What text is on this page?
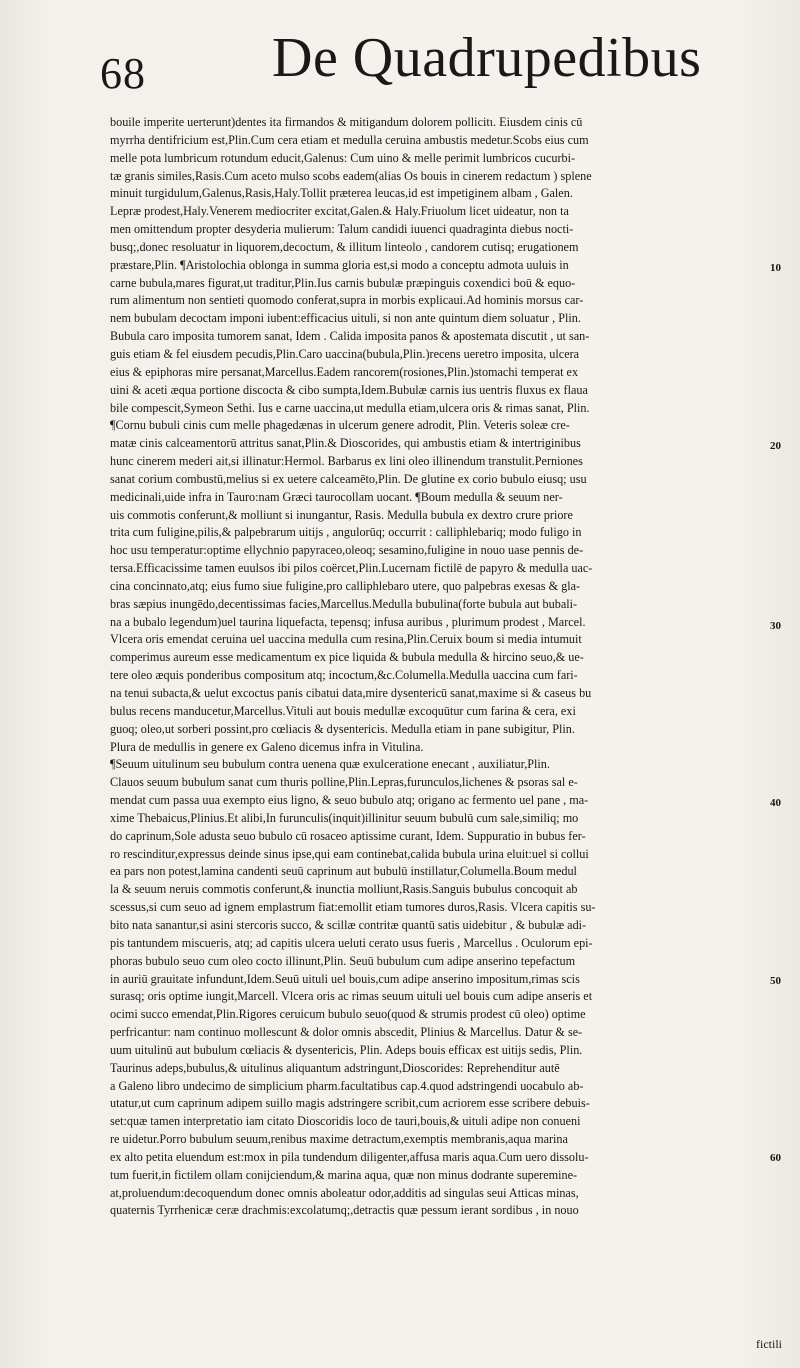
68 De Quadrupedibus
bouile imperite uerterunt)dentes ita firmandos & mitigandum dolorem pollicitι. Eiusdem cinis cū
myrrha dentifricium est,Plin.Cum cera etiam et medulla ceruina ambustis medetur.Scobs eius cum
melle pota lumbricum rotundum educit,Galenus: Cum uino & melle perimit lumbricos cucurbi-
tæ granis similes,Rasis.Cum aceto mulso scobs eadem(alias Os bouis in cinerem redactum ) splene
minuit turgidulum,Galenus,Rasis,Haly.Tollit præterea leucas,id est impetiginem albam , Galen.
Lepræ prodest,Haly.Venerem mediocriter excitat,Galen.& Haly.Friuolum licet uideatur, non ta
men omittendum propter desyderia mulierum: Talum candidi iuuenci quadraginta diebus nocti-
busq;,donec resoluatur in liquorem,decoctum, & illitum linteolo , candorem cutisq; erugationem
præstare,Plin. ¶Aristolochia oblonga in summa gloria est,si modo a conceptu admota uuluis in
carne bubula,mares figurat,ut traditur,Plin.Ius carnis bubulæ præpinguis coxendici boū & equo-
rum alimentum non sentieti quomodo conferat,supra in morbis explicaui.Ad hominis morsus car-
nem bubulam decoctam imponi iubent:efficacius uituli, si non ante quintum diem soluatur , Plin.
Bubula caro imposita tumorem sanat, Idem . Calida imposita panos & apostemata discutit , ut san-
guis etiam & fel eiusdem pecudis,Plin.Caro uaccina(bubula,Plin.)recens ueretro imposita, ulcera
eius & epiphoras mire persanat,Marcellus.Eadem rancorem(rosiones,Plin.)stomachi temperat ex
uini & aceti æqua portione discocta & cibo sumpta,Idem.Bubulæ carnis ius uentris fluxus ex flaua
bile compescit,Symeon Sethi. Ius e carne uaccina,ut medulla etiam,ulcera oris & rimas sanat, Plin.
¶Cornu bubuli cinis cum melle phagedænas in ulcerum genere adrodit, Plin. Veteris soleæ cre-
matæ cinis calceamentorū attritus sanat,Plin.& Dioscorides, qui ambustis etiam & intertriginibus
hunc cinerem mederi ait,si illinatur:Hermol. Barbarus ex lini oleo illinendum transtulit.Perniones
sanat corium combustū,melius si ex uetere calceamēto,Plin. De glutine ex corio bubulo eiusq; usu
medicinali,uide infra in Tauro:nam Græci taurocollam uocant. ¶Boum medulla & seuum ner-
uis commotis conferunt,& molliunt si inungantur, Rasis. Medulla bubula ex dextro crure priore
trita cum fuligine,pilis,& palpebrarum uitijs , angulorūq; occurrit : calliphlebariq; modo fuligo in
hoc usu temperatur:optime ellychnio papyraceo,oleoq; sesamino,fuligine in nouo uase pennis de-
tersa.Efficacissime tamen euulsos ibi pilos coërcet,Plin.Lucernam fictilē de papyro & medulla uac-
cina concinnato,atq; eius fumo siue fuligine,pro calliphlebaro utere, quo palpebras exesas & gla-
bras sæpius inungēdo,decentissimas facies,Marcellus.Medulla bubulina(forte bubula aut bubali-
na a bubalo legendum)uel taurina liquefacta, tepensq; infusa auribus , plurimum prodest , Marcel.
Vlcera oris emendat ceruina uel uaccina medulla cum resina,Plin.Ceruix boum si media intumuit
comperimus aureum esse medicamentum ex pice liquida & bubula medulla & hircino seuo,& ue-
tere oleo æquis ponderibus compositum atq; incoctum,&c.Columella.Medulla uaccina cum fari-
na tenui subacta,& uelut excoctus panis cibatui data,mire dysentericū sanat,maxime si & caseus bu
bulus recens manducetur,Marcellus.Vituli aut bouis medullæ excoquūtur cum farina & cera, exi
guoq; oleo,ut sorberi possint,pro cœliacis & dysentericis. Medulla etiam in pane subigitur, Plin.
Plura de medullis in genere ex Galeno dicemus infra in Vitulina.
¶Seuum uitulinum seu bubulum contra uenena quæ exulceratione enecant , auxiliatur,Plin.
Clauos seuum bubulum sanat cum thuris polline,Plin.Lepras,furunculos,lichenes & psoras sal e-
mendat cum passa uua exempto eius ligno, & seuo bubulo atq; origano ac fermento uel pane , ma-
xime Thebaicus,Plinius.Et alibi,In furunculis(inquit)illinitur seuum bubulū cum sale,similiq; mo
do caprinum,Sole adusta seuo bubulo cū rosaceo aptissime curant, Idem. Suppuratio in bubus fer-
ro rescinditur,expressus deinde sinus ipse,qui eam continebat,calida bubula urina eluit:uel si collui
ea pars non potest,lamina candenti seuū caprinum aut bubulū instillatur,Columella.Boum medul
la & seuum neruis commotis conferunt,& inunctia molliunt,Rasis.Sanguis bubulus concoquit ab
scessus,si cum seuo ad ignem emplastrum fiat:emollit etiam tumores duros,Rasis. Vlcera capitis su-
bito nata sanantur,si asini stercoris succo, & scillæ contritæ quantū satis uidebitur , & bubulæ adi-
pis tantundem miscueris, atq; ad capitis ulcera ueluti cerato usus fueris , Marcellus . Oculorum epi-
phoras bubulo seuo cum oleo cocto illinunt,Plin. Seuū bubulum cum adipe anserino tepefactum
in auriū grauitate infundunt,Idem.Seuū uituli uel bouis,cum adipe anserino impositum,rimas scis
surasq; oris optime iungit,Marcell. Vlcera oris ac rimas seuum uituli uel bouis cum adipe anseris et
ocimi succo emendat,Plin.Rigores ceruicum bubulo seuo(quod & strumis prodest cū oleo) optime
perfricantur: nam continuo mollescunt & dolor omnis abscedit, Plinius & Marcellus. Datur & se-
uum uitulinū aut bubulum cœliacis & dysentericis, Plin. Adeps bouis efficax est uitijs sedis, Plin.
Taurinus adeps,bubulus,& uitulinus aliquantum adstringunt,Dioscorides: Reprehenditur autē
a Galeno libro undecimo de simplicium pharm.facultatibus cap.4.quod adstringendi uocabulo ab-
utatur,ut cum caprinum adipem suillo magis adstringere scribit,cum acriorem esse scribere debuis-
set:quæ tamen interpretatio iam citato Dioscoridis loco de tauri,bouis,& uituli adipe non conueni
re uidetur.Porro bubulum seuum,renibus maxime detractum,exemptis membranis,aqua marina
ex alto petita eluendum est:mox in pila tundendum diligenter,affusa maris aqua.Cum uero dissolu-
tum fuerit,in fictilem ollam conijciendum,& marina aqua, quæ non minus dodrante superemine-
at,proluendum:decoquendum donec omnis aboleatur odor,additis ad singulas seui Atticas minas,
quaternis Tyrrhenicæ ceræ drachmis:excolatumq;,detractis quæ pessum ierant sordibus , in nouo
10
20
30
40
50
60
fictili
